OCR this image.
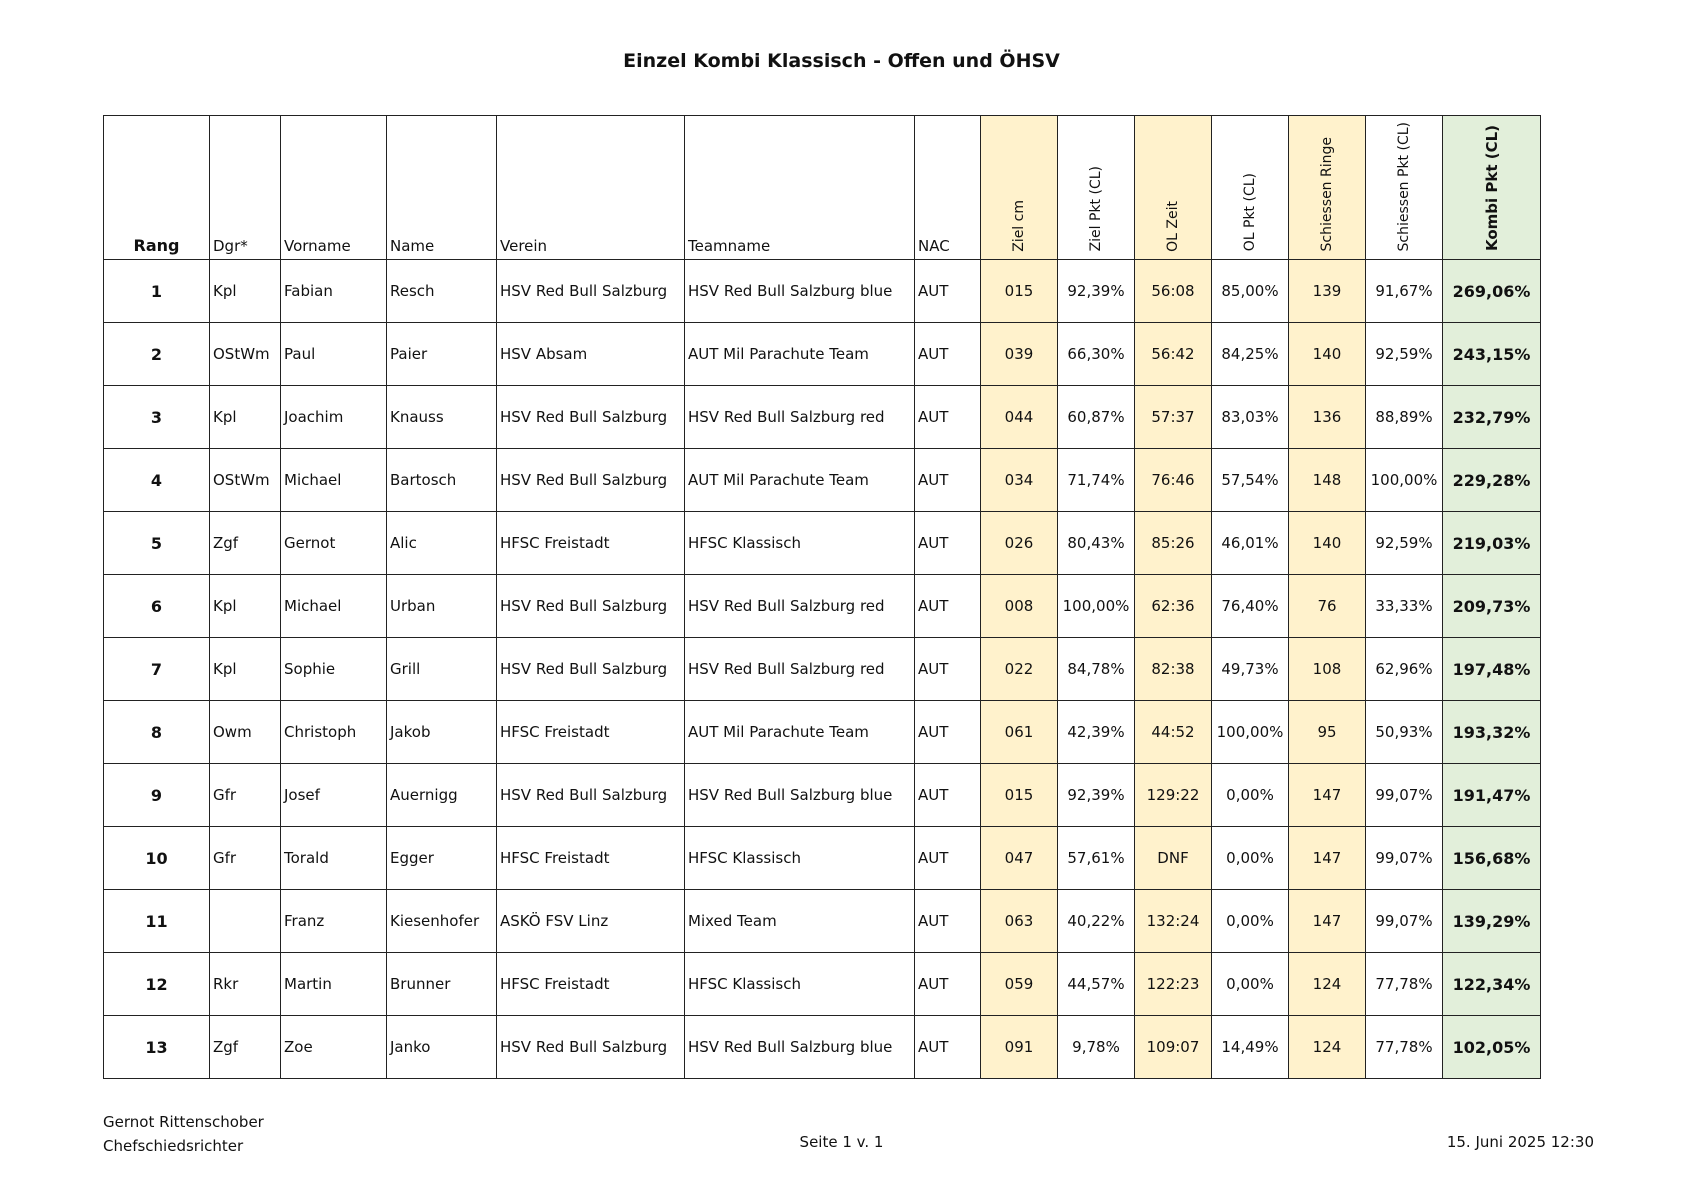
Einzel Kombi Klassisch - Offen und ÖHSV
Rang	Dgr*	Vorname	Name	Verein	Teamname	NAC	Ziel cm	Ziel Pkt (CL)	OL Zeit	OL Pkt (CL)	Schiessen Ringe	Schiessen Pkt (CL)	Kombi Pkt (CL)
1	Kpl	Fabian	Resch	HSV Red Bull Salzburg	HSV Red Bull Salzburg blue	AUT	015	92,39%	56:08	85,00%	139	91,67%	269,06%
2	OStWm	Paul	Paier	HSV Absam	AUT Mil Parachute Team	AUT	039	66,30%	56:42	84,25%	140	92,59%	243,15%
3	Kpl	Joachim	Knauss	HSV Red Bull Salzburg	HSV Red Bull Salzburg red	AUT	044	60,87%	57:37	83,03%	136	88,89%	232,79%
4	OStWm	Michael	Bartosch	HSV Red Bull Salzburg	AUT Mil Parachute Team	AUT	034	71,74%	76:46	57,54%	148	100,00%	229,28%
5	Zgf	Gernot	Alic	HFSC Freistadt	HFSC Klassisch	AUT	026	80,43%	85:26	46,01%	140	92,59%	219,03%
6	Kpl	Michael	Urban	HSV Red Bull Salzburg	HSV Red Bull Salzburg red	AUT	008	100,00%	62:36	76,40%	76	33,33%	209,73%
7	Kpl	Sophie	Grill	HSV Red Bull Salzburg	HSV Red Bull Salzburg red	AUT	022	84,78%	82:38	49,73%	108	62,96%	197,48%
8	Owm	Christoph	Jakob	HFSC Freistadt	AUT Mil Parachute Team	AUT	061	42,39%	44:52	100,00%	95	50,93%	193,32%
9	Gfr	Josef	Auernigg	HSV Red Bull Salzburg	HSV Red Bull Salzburg blue	AUT	015	92,39%	129:22	0,00%	147	99,07%	191,47%
10	Gfr	Torald	Egger	HFSC Freistadt	HFSC Klassisch	AUT	047	57,61%	DNF	0,00%	147	99,07%	156,68%
11		Franz	Kiesenhofer	ASKÖ FSV Linz	Mixed Team	AUT	063	40,22%	132:24	0,00%	147	99,07%	139,29%
12	Rkr	Martin	Brunner	HFSC Freistadt	HFSC Klassisch	AUT	059	44,57%	122:23	0,00%	124	77,78%	122,34%
13	Zgf	Zoe	Janko	HSV Red Bull Salzburg	HSV Red Bull Salzburg blue	AUT	091	9,78%	109:07	14,49%	124	77,78%	102,05%
Gernot Rittenschober
Chefschiedsrichter	Seite 1 v. 1	15. Juni 2025 12:30
